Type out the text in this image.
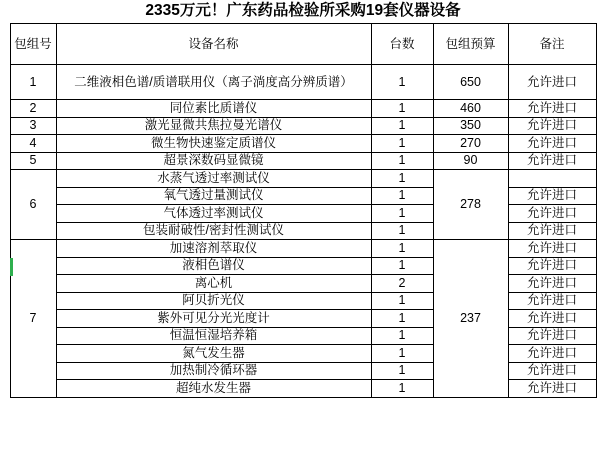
2335万元！广东药品检验所采购19套仪器设备
包组号	设备名称	台数	包组预算	备注
1	二维液相色谱/质谱联用仪（离子淌度高分辨质谱）	1	650	允许进口
2	同位素比质谱仪	1	460	允许进口
3	激光显微共焦拉曼光谱仪	1	350	允许进口
4	微生物快速鉴定质谱仪	1	270	允许进口
5	超景深数码显微镜	1	90	允许进口
6	水蒸气透过率测试仪	1	278	
	氧气透过量测试仪	1		允许进口
	气体透过率测试仪	1		允许进口
	包装耐破性/密封性测试仪	1		允许进口
7	加速溶剂萃取仪	1	237	允许进口
	液相色谱仪	1		允许进口
	离心机	2		允许进口
	阿贝折光仪	1		允许进口
	紫外可见分光光度计	1		允许进口
	恒温恒湿培养箱	1		允许进口
	氮气发生器	1		允许进口
	加热制冷循环器	1		允许进口
	超纯水发生器	1		允许进口
